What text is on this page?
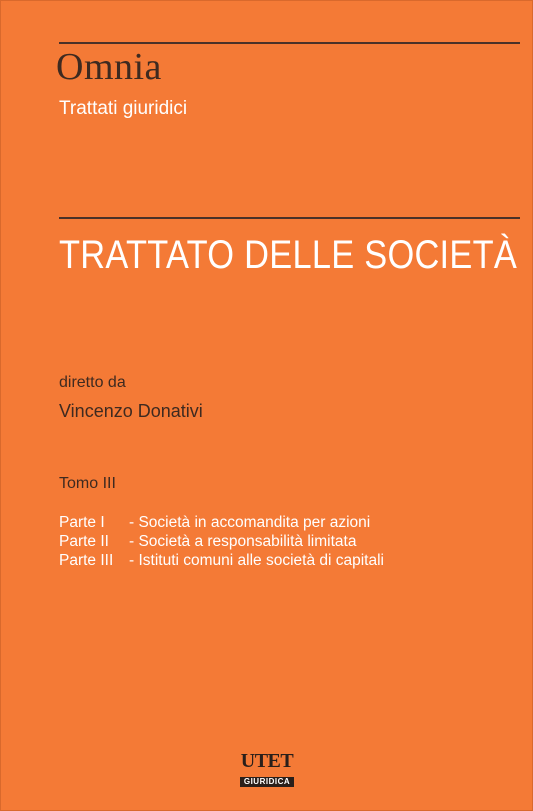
Omnia
Trattati giuridici
TRATTATO DELLE SOCIETÀ
diretto da
Vincenzo Donativi
Tomo III
Parte I - Società in accomandita per azioni
Parte II - Società a responsabilità limitata
Parte III - Istituti comuni alle società di capitali
UTET
GIURIDICA
